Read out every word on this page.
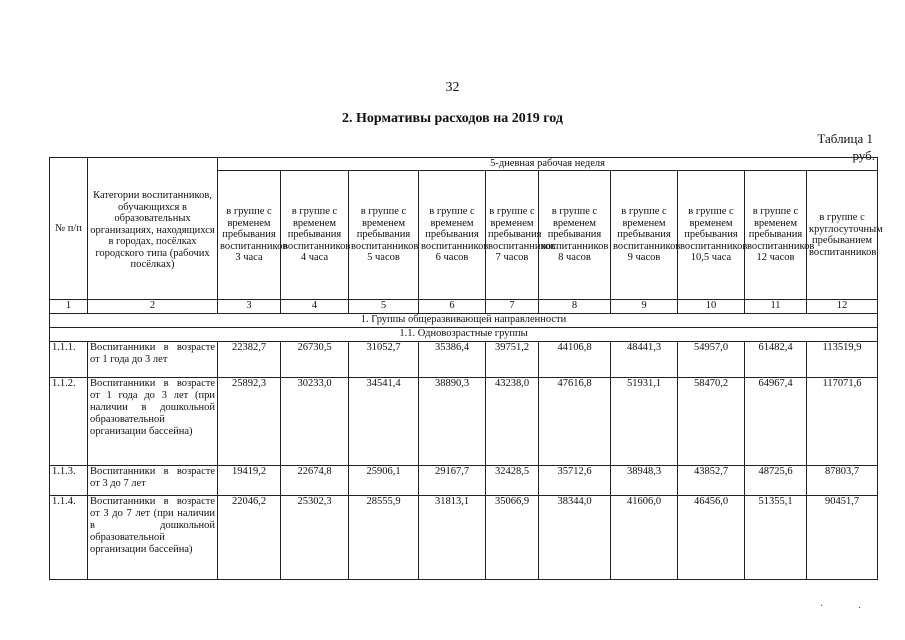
32
2. Нормативы расходов на 2019 год
Таблица 1
руб.
№ п/п	Категории воспитанников, обучающихся в образовательных организациях, находящихся в городах, посёлках городского типа (рабочих посёлках)	5-дневная рабочая неделя									
		в группе с временем пребывания воспитанников 3 часа	в группе с временем пребывания воспитанников 4 часа	в группе с временем пребывания воспитанников 5 часов	в группе с временем пребывания воспитанников 6 часов	в группе с временем пребывания воспитанников 7 часов	в группе с временем пребывания воспитанников 8 часов	в группе с временем пребывания воспитанников 9 часов	в группе с временем пребывания воспитанников 10,5 часа	в группе с временем пребывания воспитанников 12 часов	в группе с круглосуточным пребыванием воспитанников
1	2	3	4	5	6	7	8	9	10	11	12
1. Группы общеразвивающей направленности											
1.1. Одновозрастные группы											
1.1.1.	Воспитанники в возрасте от 1 года до 3 лет	22382,7	26730,5	31052,7	35386,4	39751,2	44106,8	48441,3	54957,0	61482,4	113519,9
1.1.2.	Воспитанники в возрасте от 1 года до 3 лет (при наличии в дошкольной образовательной организации бассейна)	25892,3	30233,0	34541,4	38890,3	43238,0	47616,8	51931,1	58470,2	64967,4	117071,6
1.1.3.	Воспитанники в возрасте от 3 до 7 лет	19419,2	22674,8	25906,1	29167,7	32428,5	35712,6	38948,3	43852,7	48725,6	87803,7
1.1.4.	Воспитанники в возрасте от 3 до 7 лет (при наличии в дошкольной образовательной организации бассейна)	22046,2	25302,3	28555,9	31813,1	35066,9	38344,0	41606,0	46456,0	51355,1	90451,7
·	·
